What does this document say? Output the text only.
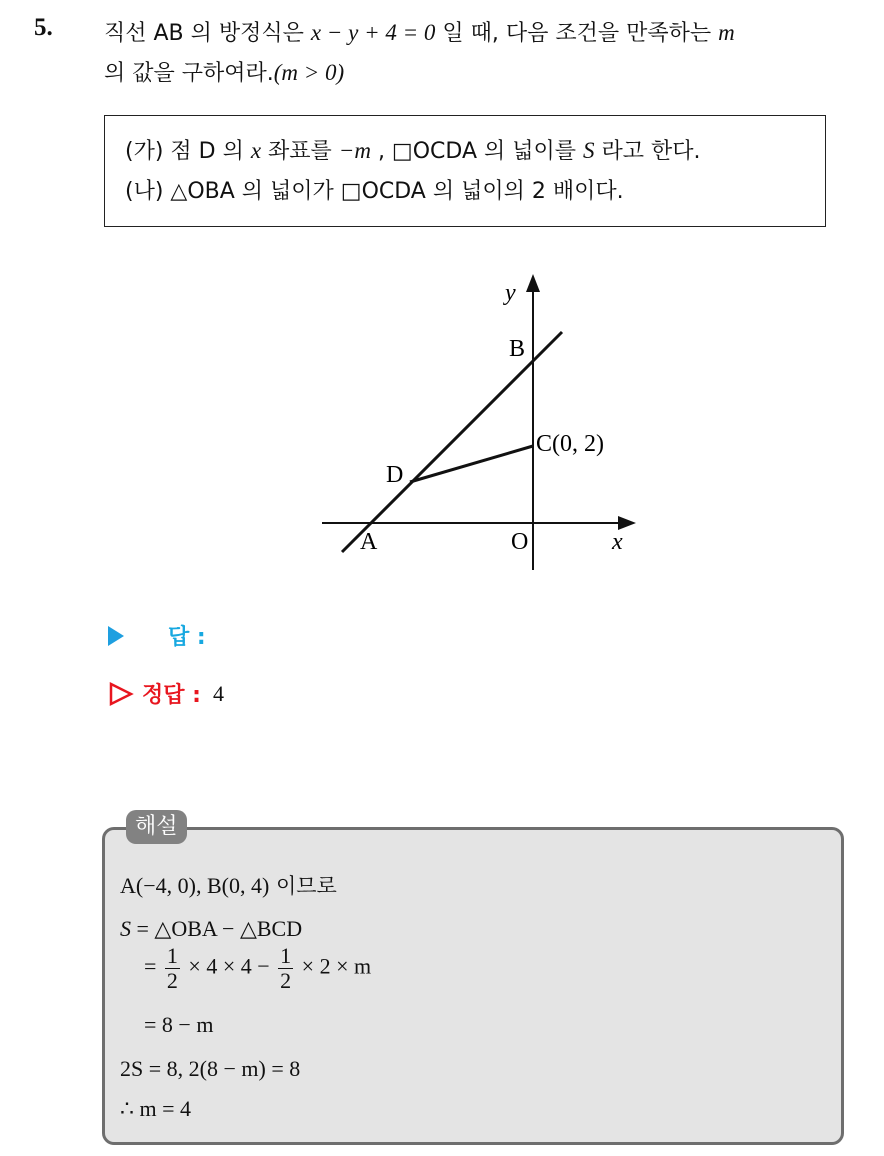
5. 직선 AB 의 방정식은 x − y + 4 = 0 일 때, 다음 조건을 만족하는 m
의 값을 구하여라.(m > 0)
(가) 점 D 의 x 좌표를 −m , □OCDA 의 넓이를 S 라고 한다.
(나) △OBA 의 넓이가 □OCDA 의 넓이의 2 배이다.
y
B
C(0, 2)
D
A	O	x
답 :
정답 : 4
해설
A(−4, 0), B(0, 4) 이므로
S = △OBA − △BCD
= $\frac{1}{2} \times 4 \times 4 - \frac{1}{2} \times 2 \times m$
= 8 − m
2S = 8, 2(8 − m) = 8
∴ m = 4
